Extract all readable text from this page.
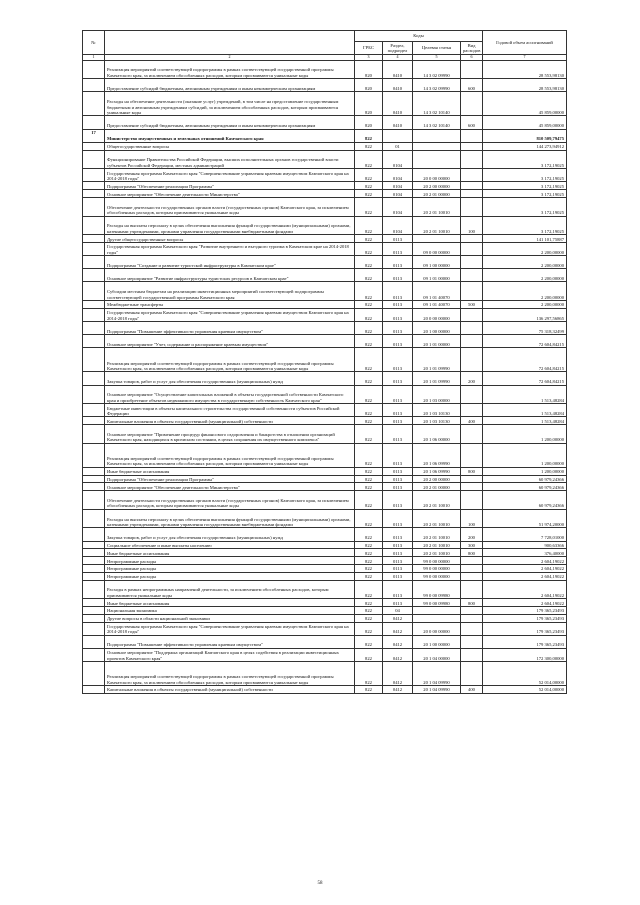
№		Коды				Годовой объем ассигнований
		ГРБС	Раздел, подраздел	Целевая статья	Вид расходов	
1	2	3	4	5	6	7
	Реализация мероприятий соответствующей подпрограммы в рамках соответствующей государственной программы Камчатского края, за исключением обособленных расходов, которым присваиваются уникальные коды	820	0410	14 3 02 09990		28 553,98130
	Предоставление субсидий бюджетным, автономным учреждениям и иным некоммерческим организациям	820	0410	14 3 02 09990	600	28 553,98130
	Расходы на обеспечение деятельности (оказание услуг) учреждений, в том числе на предоставление государственным бюджетным и автономным учреждениям субсидий, за исключением обособленных расходов, которым присваиваются уникальные коды	820	0410	14 3 02 10140		45 859,00000
	Предоставление субсидий бюджетным, автономным учреждениям и иным некоммерческим организациям	820	0410	14 3 02 10140	600	45 859,00000
17	Министерство имущественных и земельных отношений Камчатского края	822				810 509,79475
	Общегосударственные вопросы	822	01			144 273,94912
	Функционирование Правительства Российской Федерации, высших исполнительных органов государственной власти субъектов Российской Федерации, местных администраций	822	0104			3 172,19025
	Государственная программа Камчатского края "Совершенствование управления краевым имуществом Камчатского края на 2014-2018 годы"	822	0104	20 0 00 00000		3 172,19025
	Подпрограмма "Обеспечение реализации Программы"	822	0104	20 2 00 00000		3 172,19025
	Основное мероприятие "Обеспечение деятельности Министерства"	822	0104	20 2 01 00000		3 172,19025
	Обеспечение деятельности государственных органов власти (государственных органов) Камчатского края, за исключением обособленных расходов, которым присваиваются уникальные коды	822	0104	20 2 01 10010		3 172,19025
	Расходы на выплаты персоналу в целях обеспечения выполнения функций государственными (муниципальными) органами, казенными учреждениями, органами управления государственными внебюджетными фондами	822	0104	20 2 01 10010	100	3 172,19025
	Другие общегосударственные вопросы	822	0113			141 101,75887
	Государственная программа Камчатского края "Развитие внутреннего и въездного туризма в Камчатском крае на 2014-2018 годы"	822	0113	09 0 00 00000		2 200,00000
	Подпрограмма "Создание и развитие туристской инфраструктуры в Камчатском крае"	822	0113	09 1 00 00000		2 200,00000
	Основное мероприятие "Развитие инфраструктуры туристских ресурсов в Камчатском крае"	822	0113	09 1 01 00000		2 200,00000
	Субсидии местным бюджетам на реализацию инвестиционных мероприятий соответствующей подпрограммы соответствующей государственной программы Камчатского края	822	0113	09 1 01 40070		2 200,00000
	Межбюджетные трансферты	822	0113	09 1 01 40070	500	2 200,00000
	Государственная программа Камчатского края "Совершенствование управления краевым имуществом Камчатского края на 2014-2018 годы"	822	0113	20 0 00 00000		136 297,56865
	Подпрограмма "Повышение эффективности управления краевым имуществом"	822	0113	20 1 00 00000		75 318,32499
	Основное мероприятие "Учет, содержание и распоряжение краевым имуществом"	822	0113	20 1 01 00000		72 604,84215
	Реализация мероприятий соответствующей подпрограммы в рамках соответствующей государственной программы Камчатского края, за исключением обособленных расходов, которым присваиваются уникальные коды	822	0113	20 1 01 09990		72 604,84215
	Закупка товаров, работ и услуг для обеспечения государственных (муниципальных) нужд	822	0113	20 1 01 09990	200	72 604,84215
	Основное мероприятие "Осуществление капитальных вложений в объекты государственной собственности Камчатского края и приобретение объектов недвижимого имущества в государственную собственность Камчатского края"	822	0113	20 1 03 00000		1 513,48284
	Бюджетные инвестиции в объекты капитального строительства государственной собственности субъектов Российской Федерации	822	0113	20 1 03 10130		1 513,48284
	Капитальные вложения в объекты государственной (муниципальной) собственности	822	0113	20 1 03 10130	400	1 513,48284
	Основное мероприятие "Применение процедур финансового оздоровления и банкротства в отношении организаций Камчатского края, находящихся в кризисном состоянии, в целях сохранения их имущественного комплекса"	822	0113	20 1 06 00000		1 200,00000
	Реализация мероприятий соответствующей подпрограммы в рамках соответствующей государственной программы Камчатского края, за исключением обособленных расходов, которым присваиваются уникальные коды	822	0113	20 1 06 09990		1 200,00000
	Иные бюджетные ассигнования	822	0113	20 1 06 09990	800	1 200,00000
	Подпрограмма "Обеспечение реализации Программы"	822	0113	20 2 00 00000		60 979,24366
	Основное мероприятие "Обеспечение деятельности Министерства"	822	0113	20 2 01 00000		60 979,24366
	Обеспечение деятельности государственных органов власти (государственных органов) Камчатского края, за исключением обособленных расходов, которым присваиваются уникальные коды	822	0113	20 2 01 10010		60 979,24366
	Расходы на выплаты персоналу в целях обеспечения выполнения функций государственными (муниципальными) органами, казенными учреждениями, органами управления государственными внебюджетными фондами	822	0113	20 2 01 10010	100	51 974,20000
	Закупка товаров, работ и услуг для обеспечения государственных (муниципальных) нужд	822	0113	20 2 01 10010	200	7 728,01000
	Социальное обеспечение и иные выплаты населению	822	0113	20 2 01 10010	300	900,63366
	Иные бюджетные ассигнования	822	0113	20 2 01 10010	800	376,40000
	Непрограммные расходы	822	0113	99 0 00 00000		2 604,19022
	Непрограммные расходы	822	0113	99 0 00 00000		2 604,19022
	Непрограммные расходы	822	0113	99 0 00 00000		2 604,19022
	Расходы в рамках непрограммных направлений деятельности, за исключением обособленных расходов, которым присваиваются уникальные коды	822	0113	99 0 00 09980		2 604,19022
	Иные бюджетные ассигнования	822	0113	99 0 00 09980	800	2 604,19022
	Национальная экономика	822	04			179 365,23493
	Другие вопросы в области национальной экономики	822	0412			179 365,23493
	Государственная программа Камчатского края "Совершенствование управления краевым имуществом Камчатского края на 2014-2018 годы"	822	0412	20 0 00 00000		179 365,23493
	Подпрограмма "Повышение эффективности управления краевым имуществом"	822	0412	20 1 00 00000		179 365,23493
	Основное мероприятие "Поддержка организаций Камчатского края в целях содействия в реализации инвестиционных проектов Камчатского края"	822	0412	20 1 04 00000		172 300,00000
	Реализация мероприятий соответствующей подпрограммы в рамках соответствующей государственной программы Камчатского края, за исключением обособленных расходов, которым присваиваются уникальные коды	822	0412	20 1 04 09990		52 014,00000
	Капитальные вложения в объекты государственной (муниципальной) собственности	822	0412	20 1 04 09990	400	52 014,00000
58
